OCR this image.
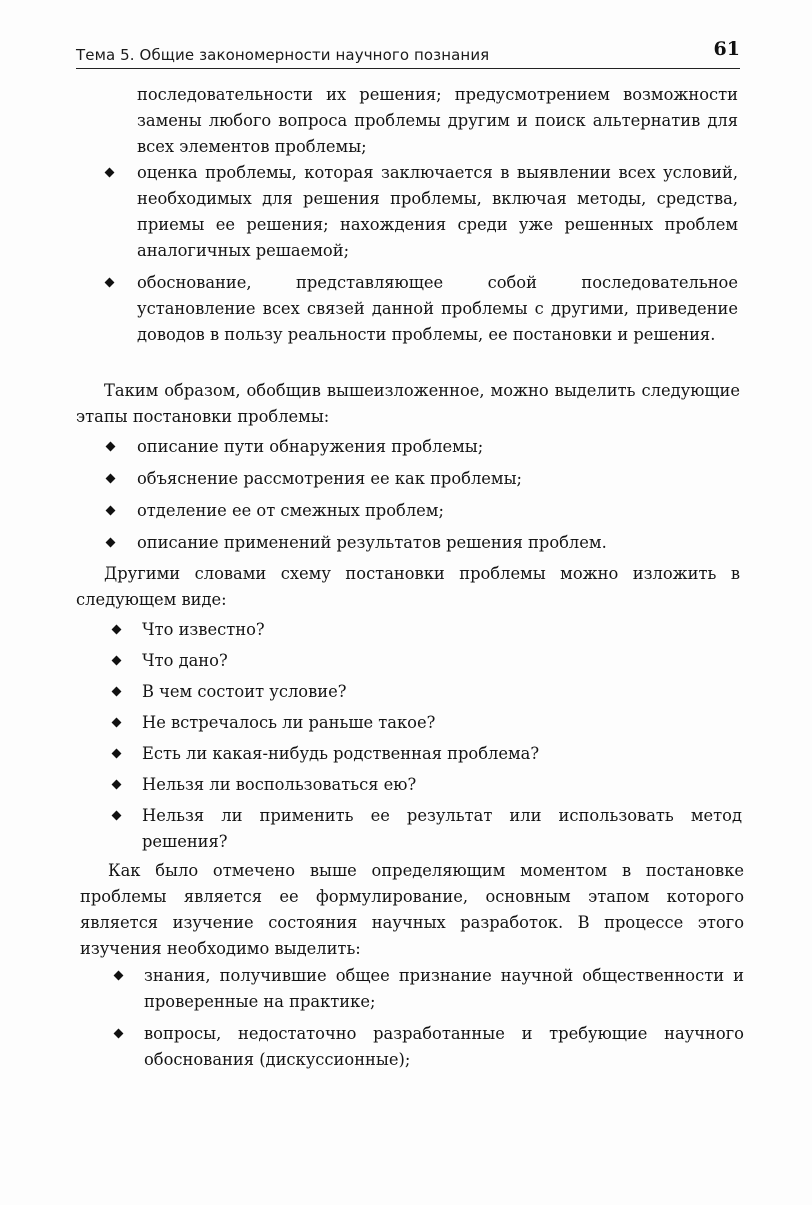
Тема 5. Общие закономерности научного познания	61
последовательности их решения; предусмотрением возможности замены любого вопроса проблемы другим и поиск альтернатив для всех элементов проблемы;
оценка проблемы, которая заключается в выявлении всех условий, необходимых для решения проблемы, включая методы, средства, приемы ее решения; нахождения среди уже решенных проблем аналогичных решаемой;
обоснование, представляющее собой последовательное установление всех связей данной проблемы с другими, приведение доводов в пользу реальности проблемы, ее постановки и решения.
Таким образом, обобщив вышеизложенное, можно выделить следующие этапы постановки проблемы:
описание пути обнаружения проблемы;
объяснение рассмотрения ее как проблемы;
отделение ее от смежных проблем;
описание применений результатов решения проблем.
Другими словами схему постановки проблемы можно изложить в следующем виде:
Что известно?
Что дано?
В чем состоит условие?
Не встречалось ли раньше такое?
Есть ли какая-нибудь родственная проблема?
Нельзя ли воспользоваться ею?
Нельзя ли применить ее результат или использовать метод решения?
Как было отмечено выше определяющим моментом в постановке проблемы является ее формулирование, основным этапом которого является изучение состояния научных разработок. В процессе этого изучения необходимо выделить:
знания, получившие общее признание научной общественности и проверенные на практике;
вопросы, недостаточно разработанные и требующие научного обоснования (дискуссионные);
